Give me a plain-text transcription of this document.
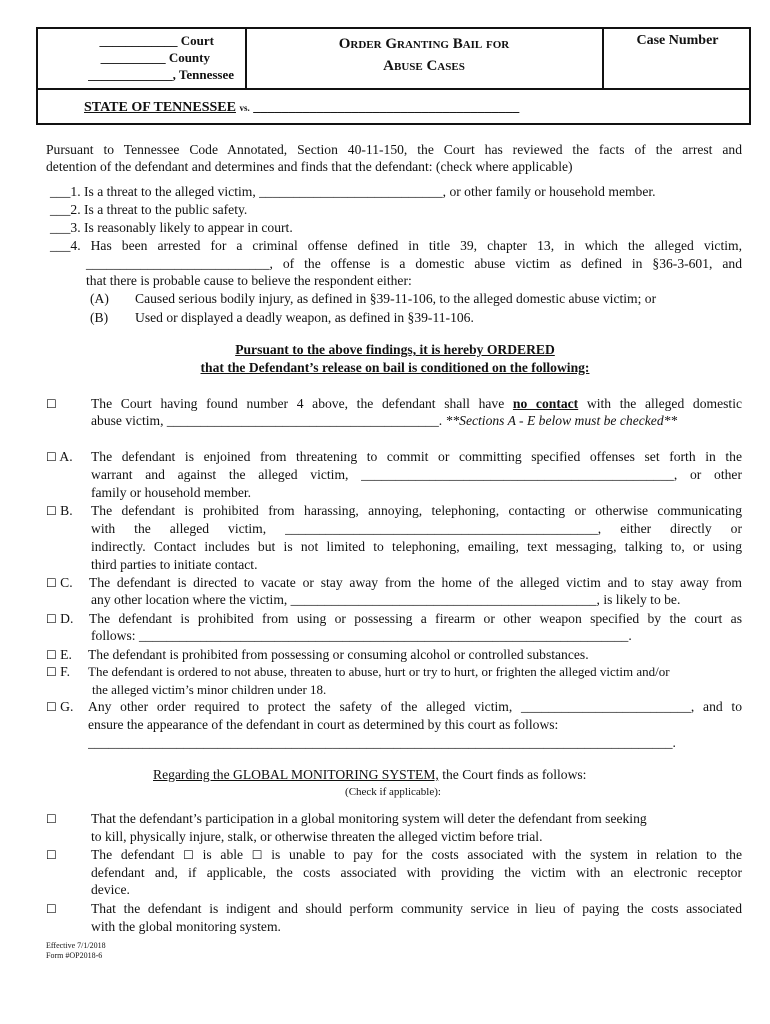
____________ Court
__________ County
_____________, Tennessee
Order Granting Bail for
Abuse Cases
Case Number
STATE OF TENNESSEE vs. ______________________________________
Pursuant to Tennessee Code Annotated, Section 40-11-150, the Court has reviewed the facts of the arrest and
detention of the defendant and determines and finds that the defendant: (check where applicable)
___1. Is a threat to the alleged victim, ___________________________, or other family or household member.
___2. Is a threat to the public safety.
___3. Is reasonably likely to appear in court.
___4. Has been arrested for a criminal offense defined in title 39, chapter 13, in which the alleged victim,
___________________________, of the offense is a domestic abuse victim as defined in §36-3-601, and
that there is probable cause to believe the respondent either:
(A) Caused serious bodily injury, as defined in §39-11-106, to the alleged domestic abuse victim; or
(B) Used or displayed a deadly weapon, as defined in §39-11-106.
Pursuant to the above findings, it is hereby ORDERED
that the Defendant’s release on bail is conditioned on the following:
☐	The Court having found number 4 above, the defendant shall have no contact with the alleged domestic
abuse victim, ________________________________________. **Sections A - E below must be checked**
☐ A. The defendant is enjoined from threatening to commit or committing specified offenses set forth in the
warrant and against the alleged victim, ______________________________________________, or other
family or household member.
☐ B. The defendant is prohibited from harassing, annoying, telephoning, contacting or otherwise communicating
with the alleged victim, ______________________________________________, either directly or
indirectly. Contact includes but is not limited to telephoning, emailing, text messaging, talking to, or using
third parties to initiate contact.
☐ C. The defendant is directed to vacate or stay away from the home of the alleged victim and to stay away from
any other location where the victim, _____________________________________________, is likely to be.
☐ D. The defendant is prohibited from using or possessing a firearm or other weapon specified by the court as
follows: ________________________________________________________________________.
☐ E. The defendant is prohibited from possessing or consuming alcohol or controlled substances.
☐ F. The defendant is ordered to not abuse, threaten to abuse, hurt or try to hurt, or frighten the alleged victim and/or
the alleged victim’s minor children under 18.
☐ G. Any other order required to protect the safety of the alleged victim, _________________________, and to
ensure the appearance of the defendant in court as determined by this court as follows:
______________________________________________________________________________________.
Regarding the GLOBAL MONITORING SYSTEM, the Court finds as follows:
(Check if applicable):
☐	That the defendant’s participation in a global monitoring system will deter the defendant from seeking
to kill, physically injure, stalk, or otherwise threaten the alleged victim before trial.
☐	The defendant ☐ is able ☐ is unable to pay for the costs associated with the system in relation to the
defendant and, if applicable, the costs associated with providing the victim with an electronic receptor
device.
☐	That the defendant is indigent and should perform community service in lieu of paying the costs associated
with the global monitoring system.
Effective 7/1/2018
Form #OP2018-6
